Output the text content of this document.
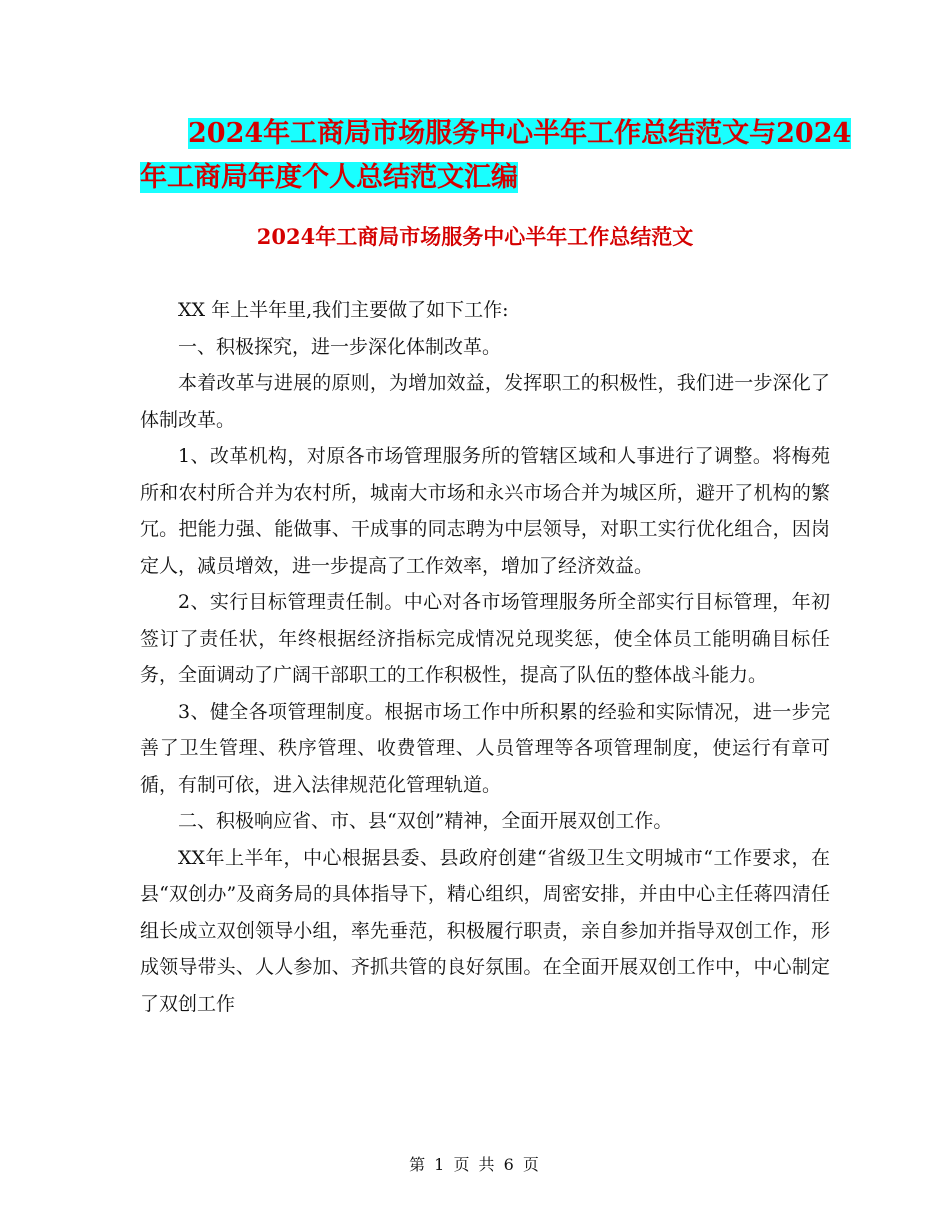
2024年工商局市场服务中心半年工作总结范文与2024
年工商局年度个人总结范文汇编
2024年工商局市场服务中心半年工作总结范文

XX 年上半年里,我们主要做了如下工作:

一、积极探究，进一步深化体制改革。

本着改革与进展的原则，为增加效益，发挥职工的积极性，我们进一步深化了体制改革。

1、改革机构，对原各市场管理服务所的管辖区域和人事进行了调整。将梅苑所和农村所合并为农村所，城南大市场和永兴市场合并为城区所，避开了机构的繁冗。把能力强、能做事、干成事的同志聘为中层领导，对职工实行优化组合，因岗定人，减员增效，进一步提高了工作效率，增加了经济效益。

2、实行目标管理责任制。中心对各市场管理服务所全部实行目标管理，年初签订了责任状，年终根据经济指标完成情况兑现奖惩，使全体员工能明确目标任务，全面调动了广阔干部职工的工作积极性，提高了队伍的整体战斗能力。

3、健全各项管理制度。根据市场工作中所积累的经验和实际情况，进一步完善了卫生管理、秩序管理、收费管理、人员管理等各项管理制度，使运行有章可循，有制可依，进入法律规范化管理轨道。

二、积极响应省、市、县“双创”精神，全面开展双创工作。

XX年上半年，中心根据县委、县政府创建“省级卫生文明城市“工作要求，在县“双创办”及商务局的具体指导下，精心组织，周密安排，并由中心主任蒋四清任组长成立双创领导小组，率先垂范，积极履行职责，亲自参加并指导双创工作，形成领导带头、人人参加、齐抓共管的良好氛围。在全面开展双创工作中，中心制定了双创工作

第 1 页 共 6 页
